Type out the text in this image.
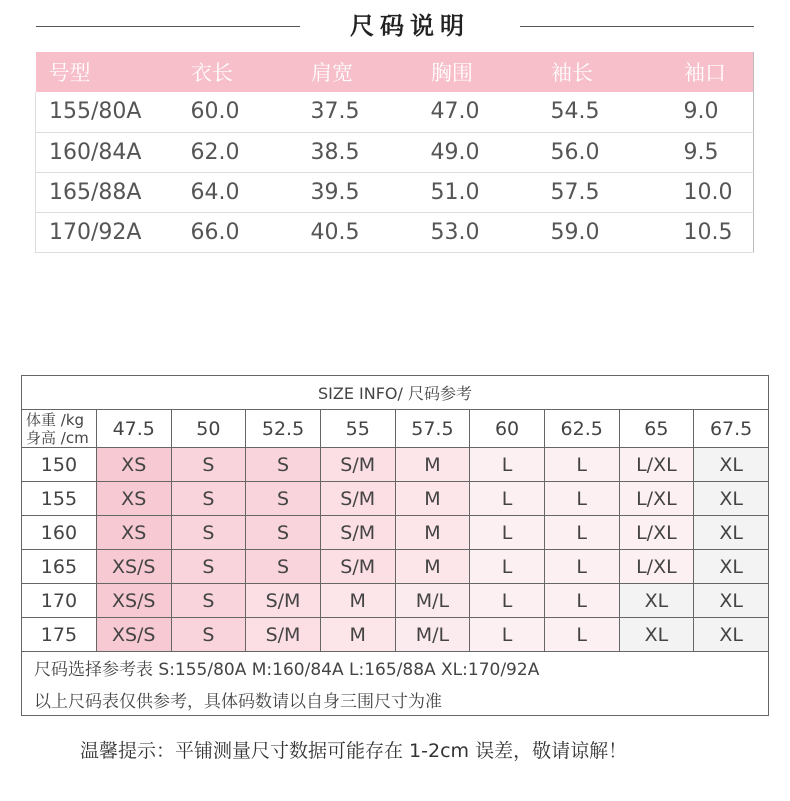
尺码说明
号型	衣长	肩宽	胸围	袖长	袖口
155/80A	60.0	37.5	47.0	54.5	9.0
160/84A	62.0	38.5	49.0	56.0	9.5
165/88A	64.0	39.5	51.0	57.5	10.0
170/92A	66.0	40.5	53.0	59.0	10.5
SIZE INFO/ 尺码参考									

体重 /kg
身高 /cm	47.5	50	52.5	55	57.5	60	62.5	65	67.5
150	XS	S	S	S/M	M	L	L	L/XL	XL
155	XS	S	S	S/M	M	L	L	L/XL	XL
160	XS	S	S	S/M	M	L	L	L/XL	XL
165	XS/S	S	S	S/M	M	L	L	L/XL	XL
170	XS/S	S	S/M	M	M/L	L	L	XL	XL
175	XS/S	S	S/M	M	M/L	L	L	XL	XL
尺码选择参考表 S:155/80A M:160/84A L:165/88A XL:170/92A									
以上尺码表仅供参考，具体码数请以自身三围尺寸为准									
温馨提示：平铺测量尺寸数据可能存在 1-2cm 误差，敬请谅解！
